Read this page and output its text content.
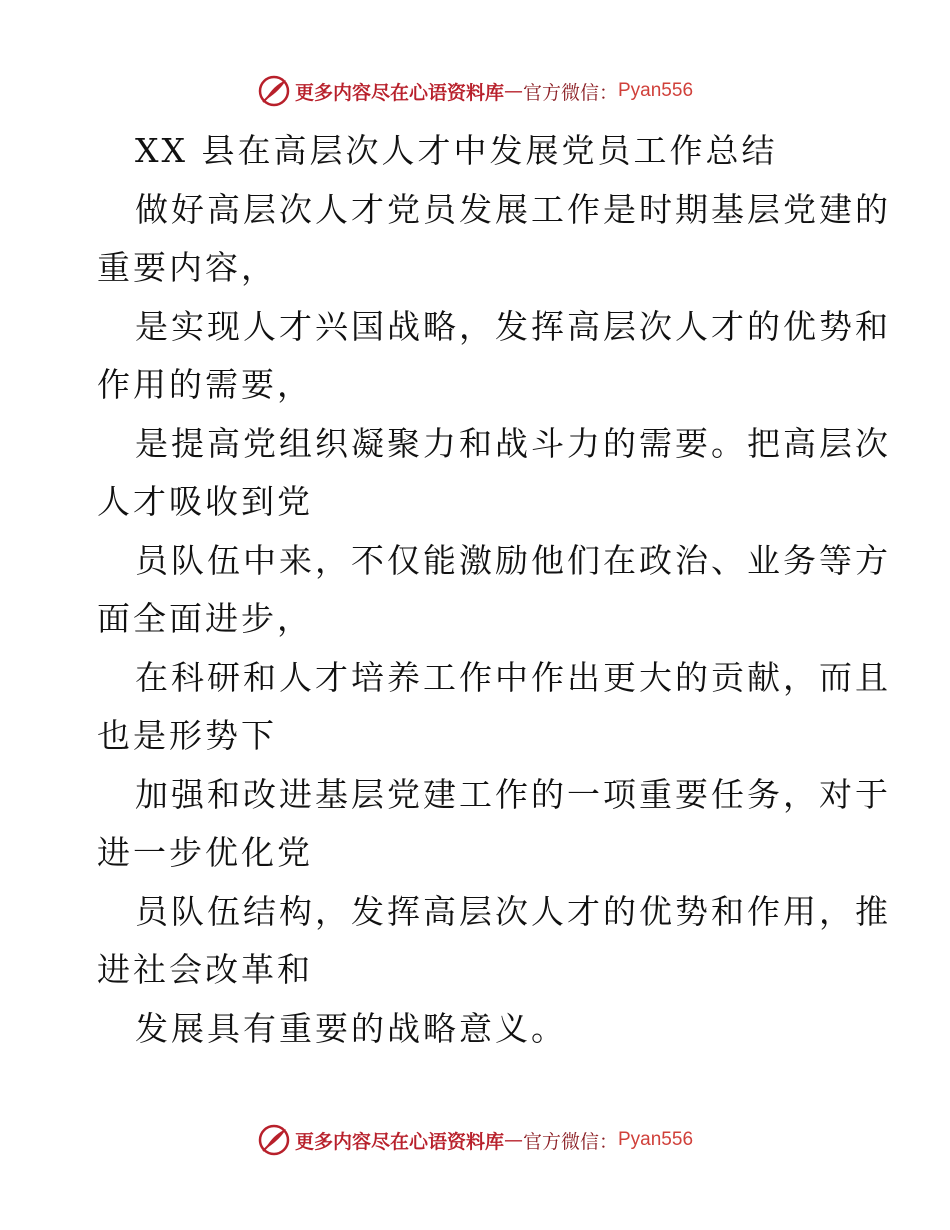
更多内容尽在心语资料库 — 官方微信： Pyan556

XX 县在高层次人才中发展党员工作总结

做好高层次人才党员发展工作是时期基层党建的

重要内容，

是实现人才兴国战略，发挥高层次人才的优势和

作用的需要，

是提高党组织凝聚力和战斗力的需要。把高层次

人才吸收到党

员队伍中来，不仅能激励他们在政治、业务等方

面全面进步，

在科研和人才培养工作中作出更大的贡献，而且

也是形势下

加强和改进基层党建工作的一项重要任务，对于

进一步优化党

员队伍结构，发挥高层次人才的优势和作用，推

进社会改革和

发展具有重要的战略意义。

更多内容尽在心语资料库 — 官方微信： Pyan556
